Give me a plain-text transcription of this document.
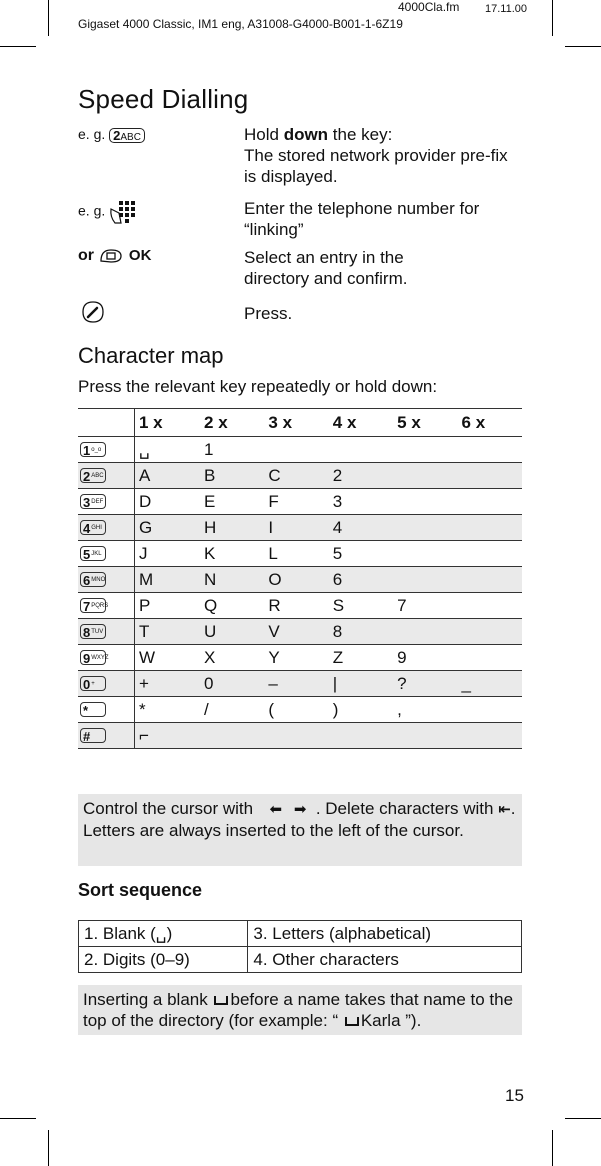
4000Cla.fm
Gigaset 4000 Classic, IM1 eng, A31008-G4000-B001-1-6Z19
17.11.00
Speed Dialling
e. g. 2ABC	Hold down the key:
The stored network provider pre-fix is displayed.
e. g.	Enter the telephone number for “linking”
or OK	Select an entry in the directory and confirm.
Press.
Character map
Press the relevant key repeatedly or hold down:
	1 x	2 x	3 x	4 x	5 x	6 x
$1^{o\_o}$	␣	1				
$2^{ABC}$	A	B	C	2		
$3^{DEF}$	D	E	F	3		
$4^{GHI}$	G	H	I	4		
$5^{JKL}$	J	K	L	5		
$6^{MNO}$	M	N	O	6		
$7^{PQRS}$	P	Q	R	S	7	
$8^{TUV}$	T	U	V	8		
$9^{WXYZ}$	W	X	Y	Z	9	
0+	+	0	–	|	?	_
*	*	/	(	)	,	
#	⌐					
Control the cursor with ⬅ ➡ . Delete characters with ⇤. Letters are always inserted to the left of the cursor.
Sort sequence
1. Blank (␣)	3. Letters (alphabetical)
2. Digits (0–9)	4. Other characters
Inserting a blank before a name takes that name to the top of the directory (for example: “ Karla ”).
15
